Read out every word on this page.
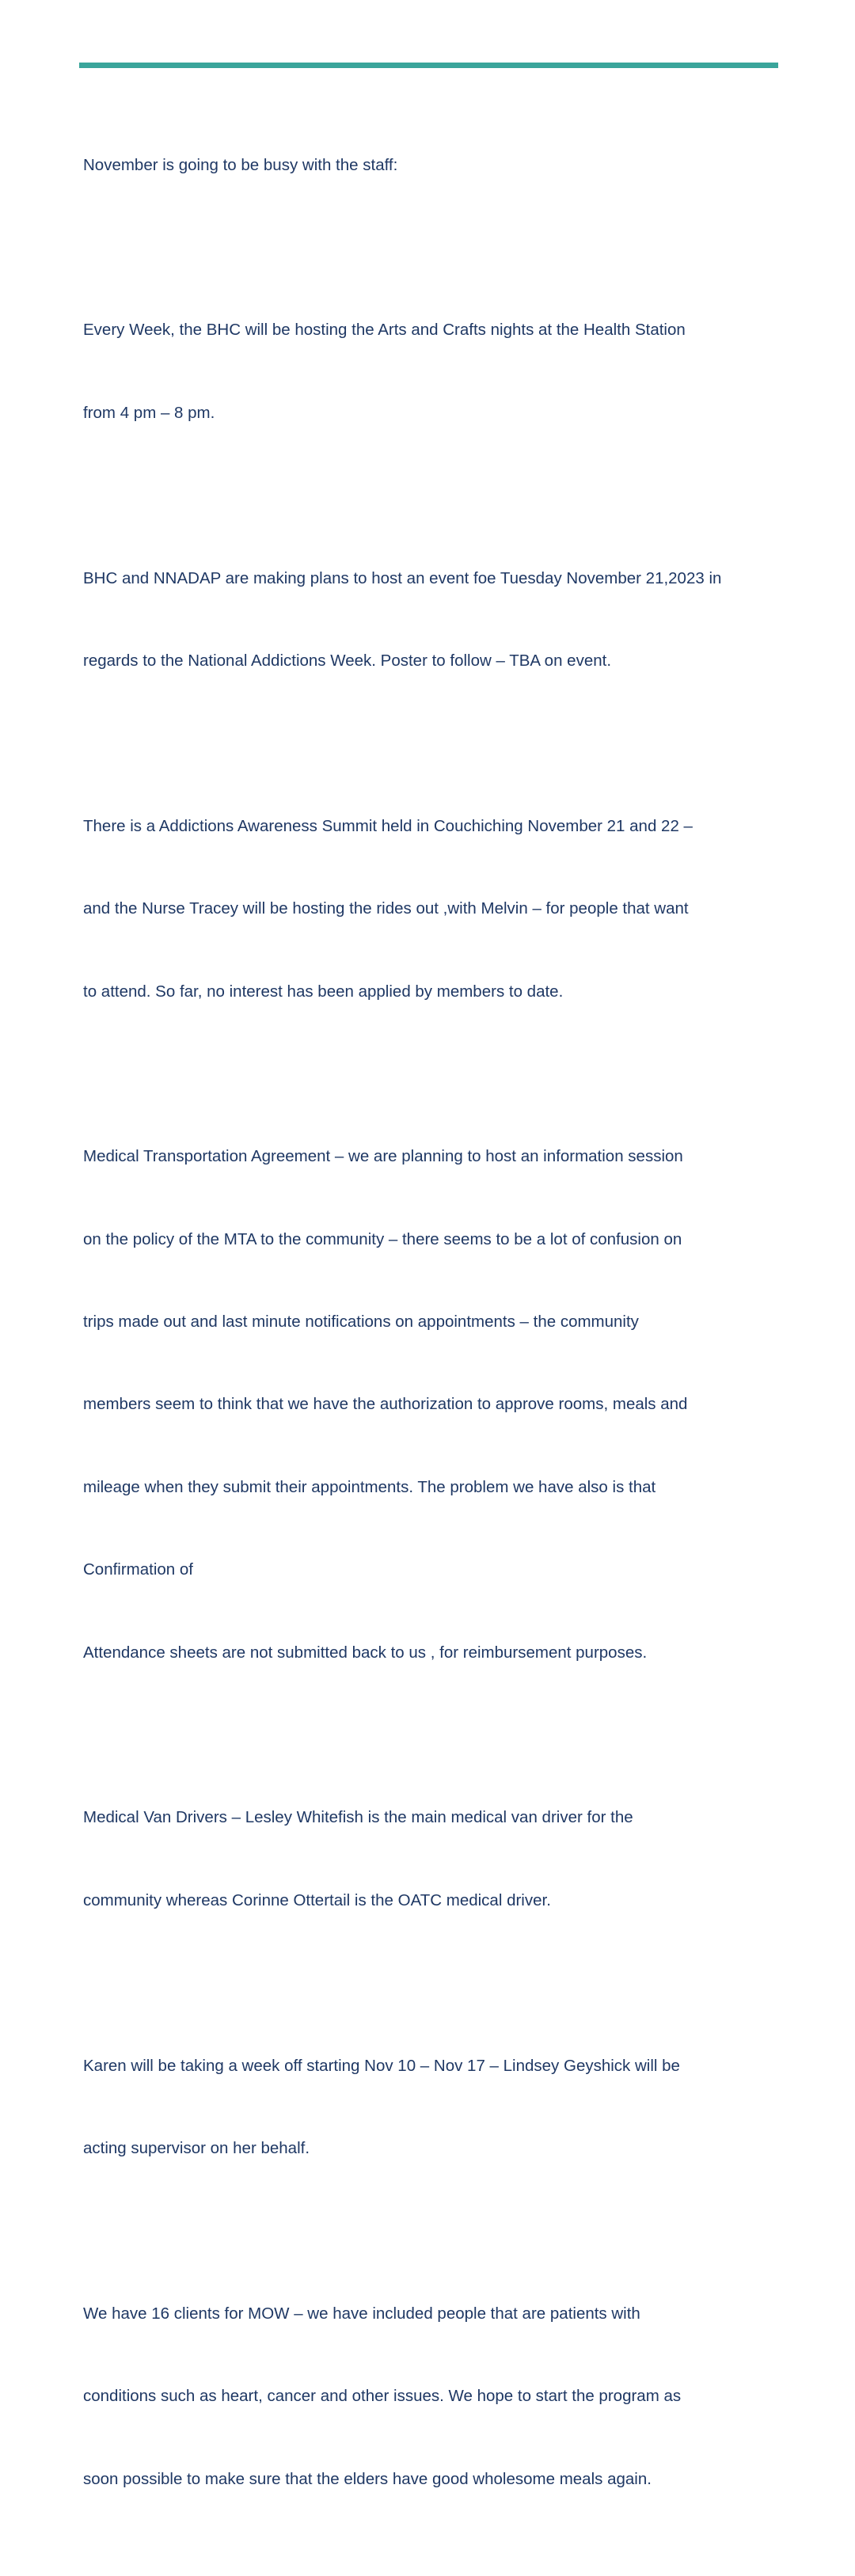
November is going to be busy with the staff:

Every Week, the BHC will be hosting the Arts and Crafts nights at the Health Station

from 4 pm – 8 pm.

BHC and NNADAP are making plans to host an event foe Tuesday November 21,2023 in

regards to the National Addictions Week. Poster to follow – TBA on event.

There is a Addictions Awareness Summit held in Couchiching November 21 and 22 –

and the Nurse Tracey will be hosting the rides out ,with Melvin – for people that want

to attend. So far, no interest has been applied by members to date.

Medical Transportation Agreement – we are planning to host an information session

on the policy of the MTA to the community – there seems to be a lot of confusion on

trips made out and last minute notifications on appointments – the community

members seem to think that we have the authorization to approve rooms, meals and

mileage when they submit their appointments. The problem we have also is that

Confirmation of

Attendance sheets are not submitted back to us , for reimbursement purposes.

Medical Van Drivers – Lesley Whitefish is the main medical van driver for the

community whereas Corinne Ottertail is the OATC medical driver.

Karen will be taking a week off starting Nov 10 – Nov 17 – Lindsey Geyshick will be

acting supervisor on her behalf.

We have 16 clients for MOW – we have included people that are patients with

conditions such as heart, cancer and other issues. We hope to start the program as

soon possible to make sure that the elders have good wholesome meals again.
